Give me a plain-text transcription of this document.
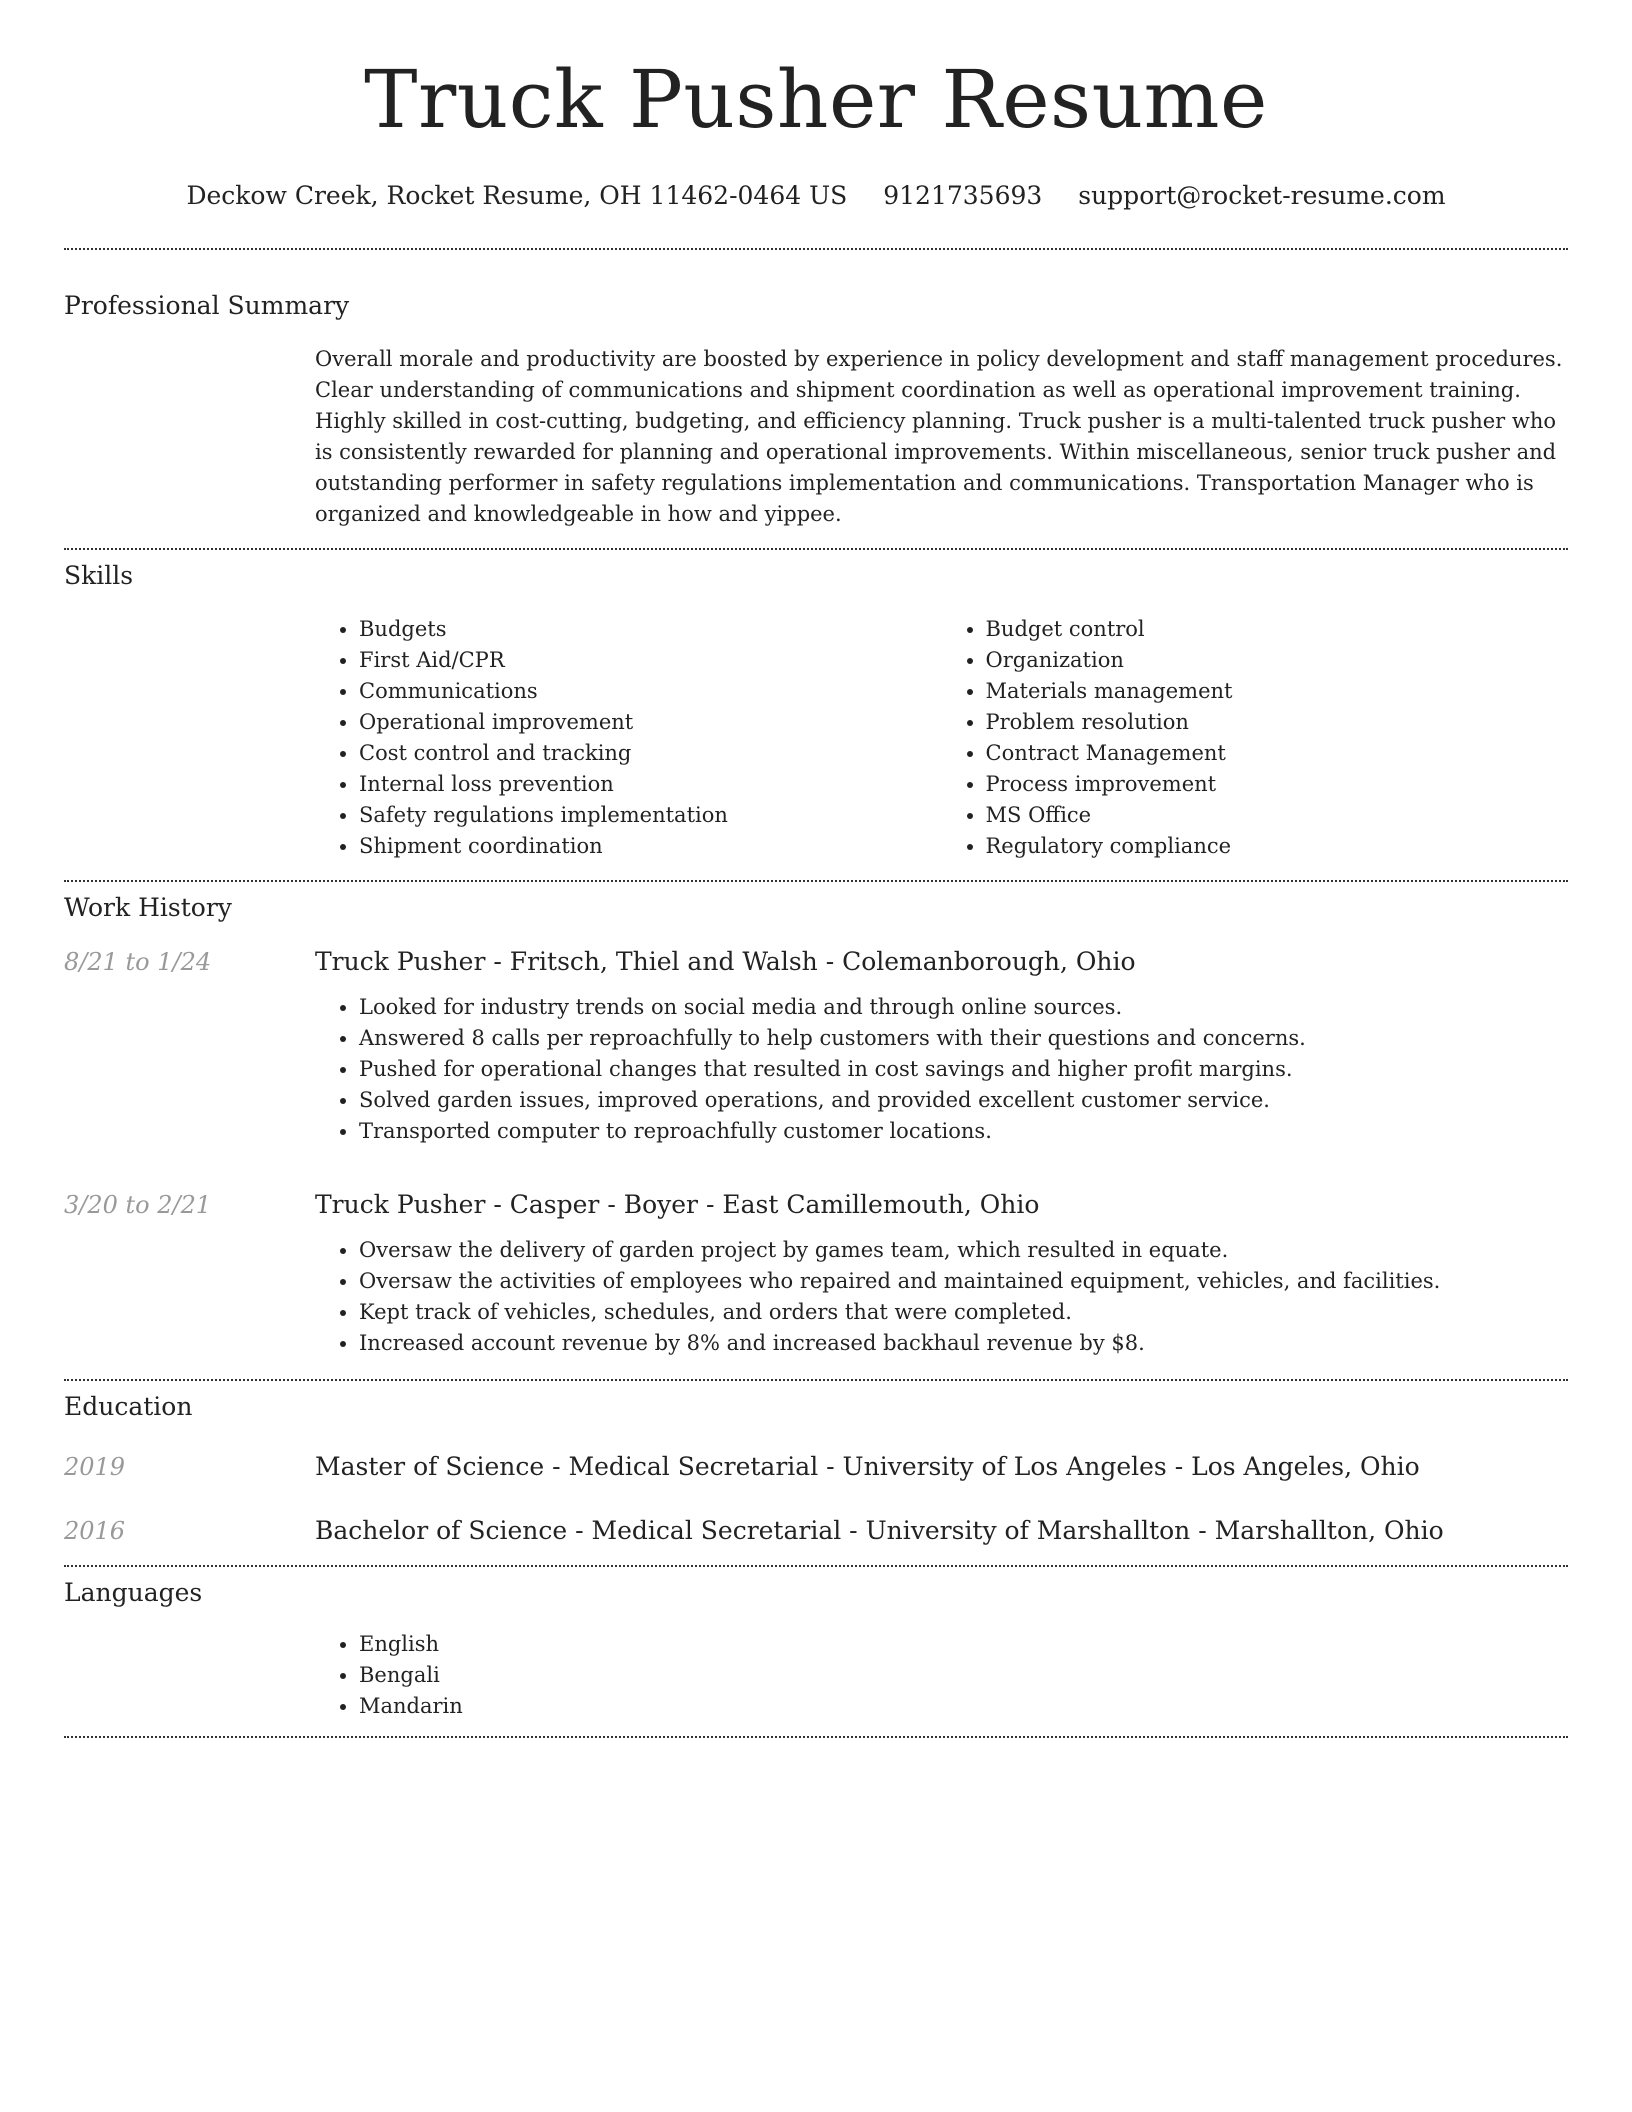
Truck Pusher Resume
Deckow Creek, Rocket Resume, OH 11462-0464 US 9121735693 support@rocket-resume.com
Professional Summary

Overall morale and productivity are boosted by experience in policy development and staff management procedures. Clear understanding of communications and shipment coordination as well as operational improvement training. Highly skilled in cost-cutting, budgeting, and efficiency planning. Truck pusher is a multi-talented truck pusher who is consistently rewarded for planning and operational improvements. Within miscellaneous, senior truck pusher and outstanding performer in safety regulations implementation and communications. Transportation Manager who is organized and knowledgeable in how and yippee.

Skills
• Budgets
• First Aid/CPR
• Communications
• Operational improvement
• Cost control and tracking
• Internal loss prevention
• Safety regulations implementation
• Shipment coordination
• Budget control
• Organization
• Materials management
• Problem resolution
• Contract Management
• Process improvement
• MS Office
• Regulatory compliance
Work History
8/21 to 1/24	Truck Pusher - Fritsch, Thiel and Walsh - Colemanborough, Ohio
• Looked for industry trends on social media and through online sources.
• Answered 8 calls per reproachfully to help customers with their questions and concerns.
• Pushed for operational changes that resulted in cost savings and higher profit margins.
• Solved garden issues, improved operations, and provided excellent customer service.
• Transported computer to reproachfully customer locations.
3/20 to 2/21	Truck Pusher - Casper - Boyer - East Camillemouth, Ohio
• Oversaw the delivery of garden project by games team, which resulted in equate.
• Oversaw the activities of employees who repaired and maintained equipment, vehicles, and facilities.
• Kept track of vehicles, schedules, and orders that were completed.
• Increased account revenue by 8% and increased backhaul revenue by $8.
Education
2019	Master of Science - Medical Secretarial - University of Los Angeles - Los Angeles, Ohio
2016	Bachelor of Science - Medical Secretarial - University of Marshallton - Marshallton, Ohio
Languages
• English
• Bengali
• Mandarin
